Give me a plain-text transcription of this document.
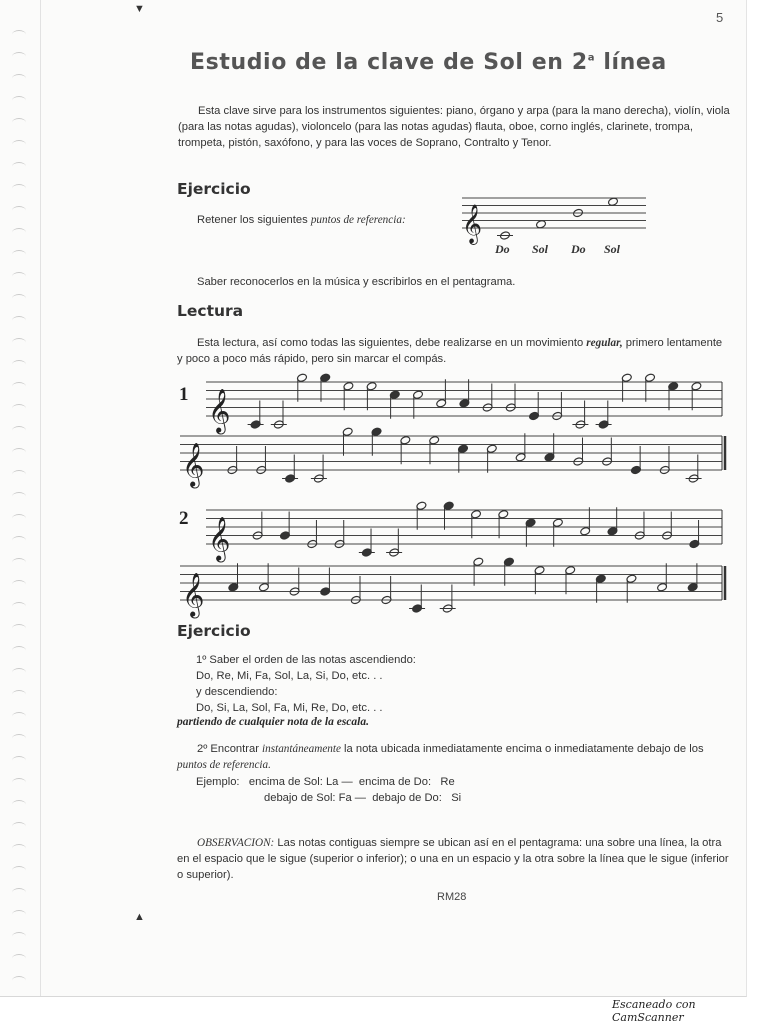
▼
▲
5
Estudio de la clave de Sol en 2$^a$ línea
Esta clave sirve para los instrumentos siguientes: piano, órgano y arpa (para la mano derecha), violín, viola (para las notas agudas), violoncelo (para las notas agudas) flauta, oboe, corno inglés, clarinete, trompa, trompeta, pistón, saxófono, y para las voces de Soprano, Contralto y Tenor.
Ejercicio
Retener los siguientes puntos de referencia:
Do Sol Do Sol
Saber reconocerlos en la música y escribirlos en el pentagrama.
Lectura
Esta lectura, así como todas las siguientes, debe realizarse en un movimiento regular, primero lentamente y poco a poco más rápido, pero sin marcar el compás.
1
2
𝄞
𝄞
𝄞
𝄞
𝄞
Ejercicio
1º Saber el orden de las notas ascendiendo:
Do, Re, Mi, Fa, Sol, La, Si, Do, etc. . .
y descendiendo:
Do, Si, La, Sol, Fa, Mi, Re, Do, etc. . .
partiendo de cualquier nota de la escala.
2º Encontrar instantáneamente la nota ubicada inmediatamente encima o inmediatamente debajo de los puntos de referencia.
Ejemplo:   encima de Sol: La —  encima de Do:   Re
debajo de Sol: Fa —  debajo de Do:   Si
OBSERVACION: Las notas contiguas siempre se ubican así en el pentagrama: una sobre una línea, la otra en el espacio que le sigue (superior o inferior); o una en un espacio y la otra sobre la línea que le sigue (inferior o superior).
RM28
Escaneado con CamScanner
